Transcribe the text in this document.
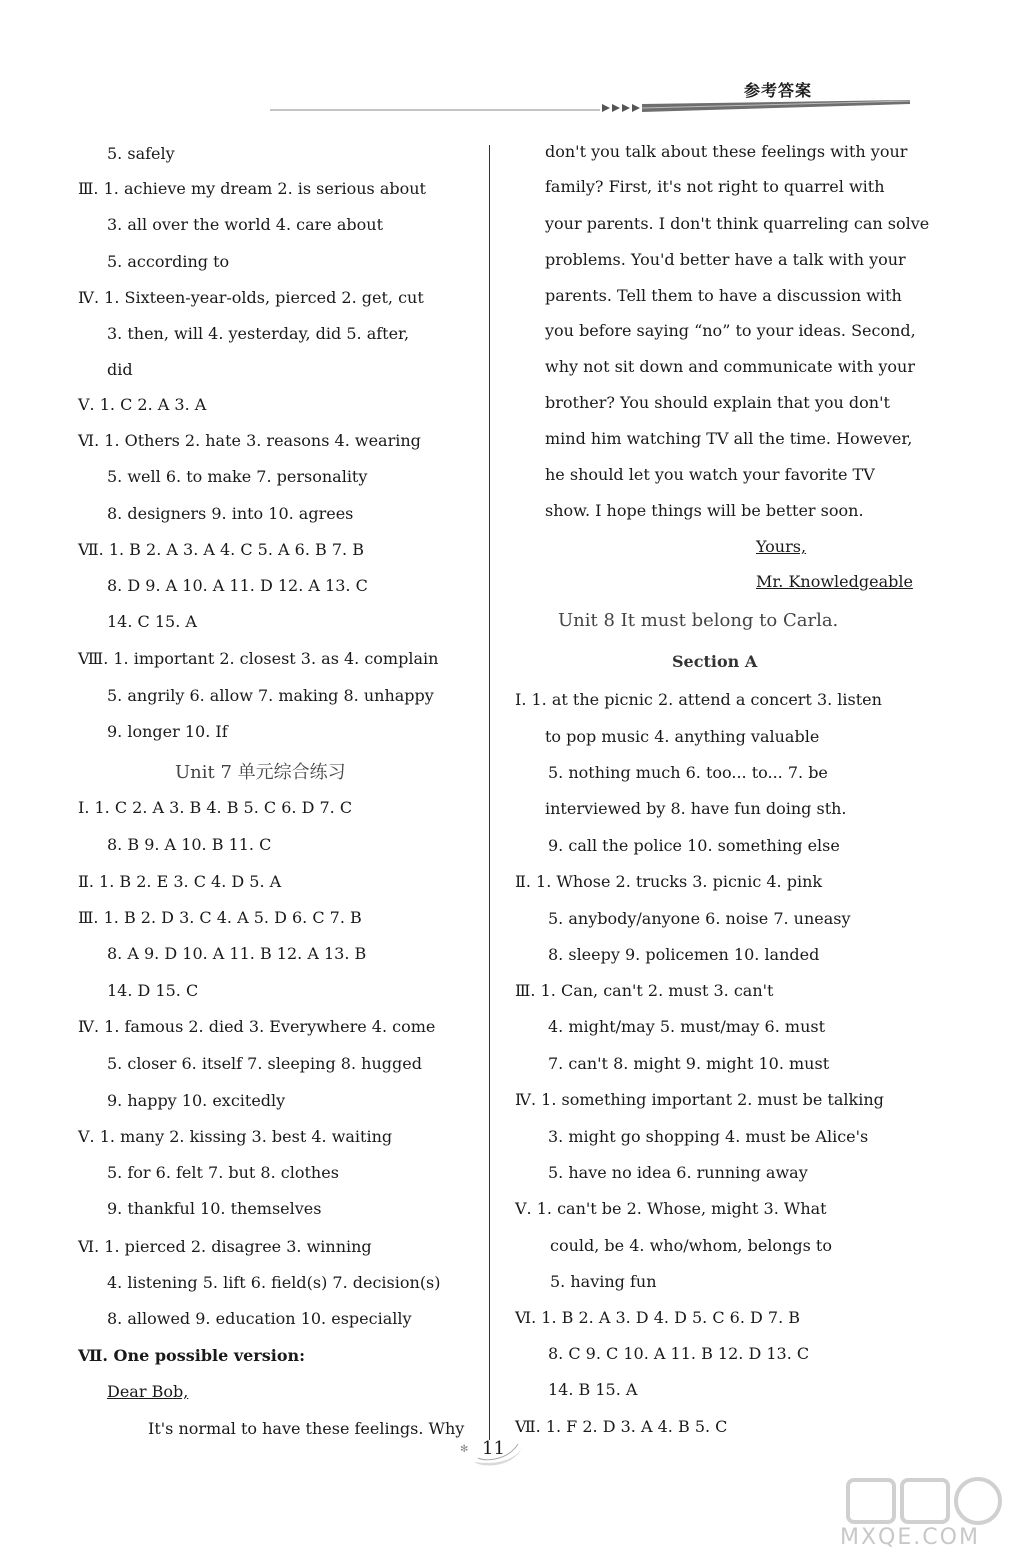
参考答案
5. safely
Ⅲ. 1. achieve my dream 2. is serious about
3. all over the world 4. care about
5. according to
Ⅳ. 1. Sixteen-year-olds, pierced 2. get, cut
3. then, will 4. yesterday, did 5. after,
did
Ⅴ. 1. C 2. A 3. A
Ⅵ. 1. Others 2. hate 3. reasons 4. wearing
5. well 6. to make 7. personality
8. designers 9. into 10. agrees
Ⅶ. 1. B 2. A 3. A 4. C 5. A 6. B 7. B
8. D 9. A 10. A 11. D 12. A 13. C
14. C 15. A
Ⅷ. 1. important 2. closest 3. as 4. complain
5. angrily 6. allow 7. making 8. unhappy
9. longer 10. If
Unit 7 单元综合练习
Ⅰ. 1. C 2. A 3. B 4. B 5. C 6. D 7. C
8. B 9. A 10. B 11. C
Ⅱ. 1. B 2. E 3. C 4. D 5. A
Ⅲ. 1. B 2. D 3. C 4. A 5. D 6. C 7. B
8. A 9. D 10. A 11. B 12. A 13. B
14. D 15. C
Ⅳ. 1. famous 2. died 3. Everywhere 4. come
5. closer 6. itself 7. sleeping 8. hugged
9. happy 10. excitedly
Ⅴ. 1. many 2. kissing 3. best 4. waiting
5. for 6. felt 7. but 8. clothes
9. thankful 10. themselves
Ⅵ. 1. pierced 2. disagree 3. winning
4. listening 5. lift 6. field(s) 7. decision(s)
8. allowed 9. education 10. especially
Ⅶ. One possible version:
Dear Bob,
It's normal to have these feelings. Why
don't you talk about these feelings with your
family? First, it's not right to quarrel with
your parents. I don't think quarreling can solve
problems. You'd better have a talk with your
parents. Tell them to have a discussion with
you before saying “no” to your ideas. Second,
why not sit down and communicate with your
brother? You should explain that you don't
mind him watching TV all the time. However,
he should let you watch your favorite TV
show. I hope things will be better soon.
Yours,
Mr. Knowledgeable
Unit 8 It must belong to Carla.
Section A
Ⅰ. 1. at the picnic 2. attend a concert 3. listen
to pop music 4. anything valuable
5. nothing much 6. too... to... 7. be
interviewed by 8. have fun doing sth.
9. call the police 10. something else
Ⅱ. 1. Whose 2. trucks 3. picnic 4. pink
5. anybody/anyone 6. noise 7. uneasy
8. sleepy 9. policemen 10. landed
Ⅲ. 1. Can, can't 2. must 3. can't
4. might/may 5. must/may 6. must
7. can't 8. might 9. might 10. must
Ⅳ. 1. something important 2. must be talking
3. might go shopping 4. must be Alice's
5. have no idea 6. running away
Ⅴ. 1. can't be 2. Whose, might 3. What
could, be 4. who/whom, belongs to
5. having fun
Ⅵ. 1. B 2. A 3. D 4. D 5. C 6. D 7. B
8. C 9. C 10. A 11. B 12. D 13. C
14. B 15. A
Ⅶ. 1. F 2. D 3. A 4. B 5. C
✻ 11
MXQE.COM
